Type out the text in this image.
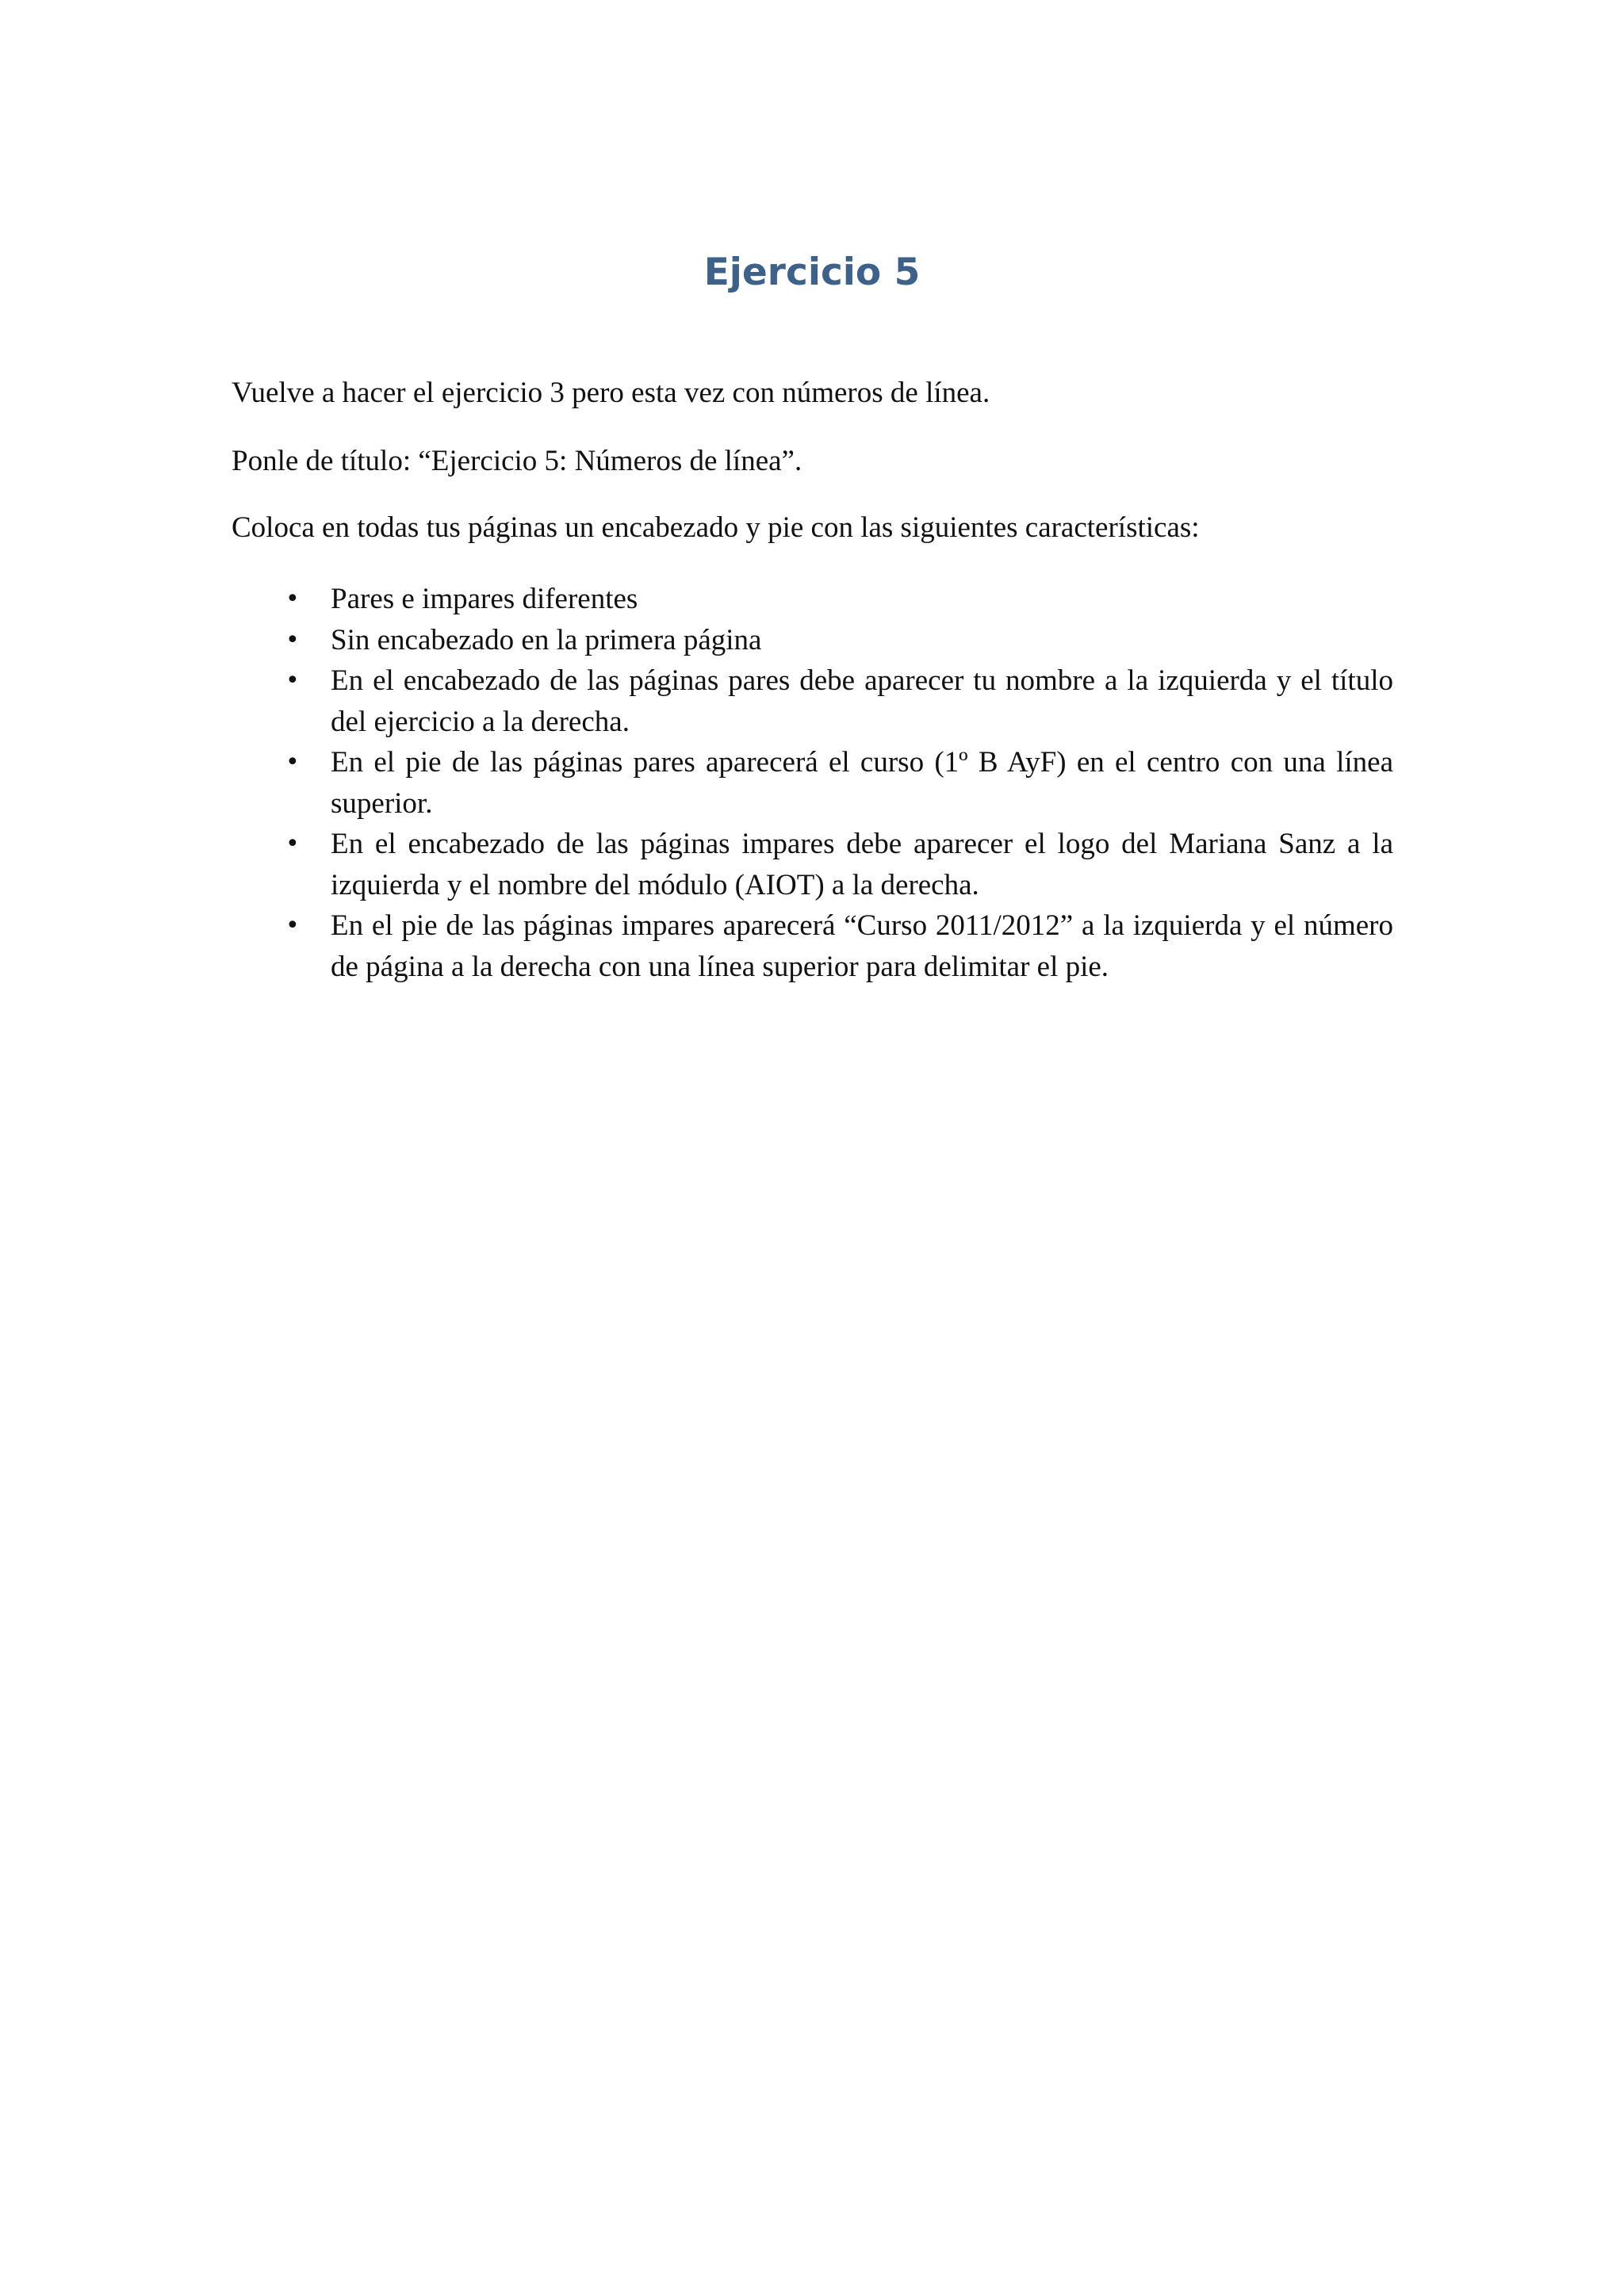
Ejercicio 5

Vuelve a hacer el ejercicio 3 pero esta vez con números de línea.

Ponle de título: “Ejercicio 5: Números de línea”.

Coloca en todas tus páginas un encabezado y pie con las siguientes características:

• Pares e impares diferentes
• Sin encabezado en la primera página
• En el encabezado de las páginas pares debe aparecer tu nombre a la izquierda y el título del ejercicio a la derecha.
• En el pie de las páginas pares aparecerá el curso (1º B AyF) en el centro con una línea superior.
• En el encabezado de las páginas impares debe aparecer el logo del Mariana Sanz a la izquierda y el nombre del módulo (AIOT) a la derecha.
• En el pie de las páginas impares aparecerá “Curso 2011/2012” a la izquierda y el número de página a la derecha con una línea superior para delimitar el pie.
